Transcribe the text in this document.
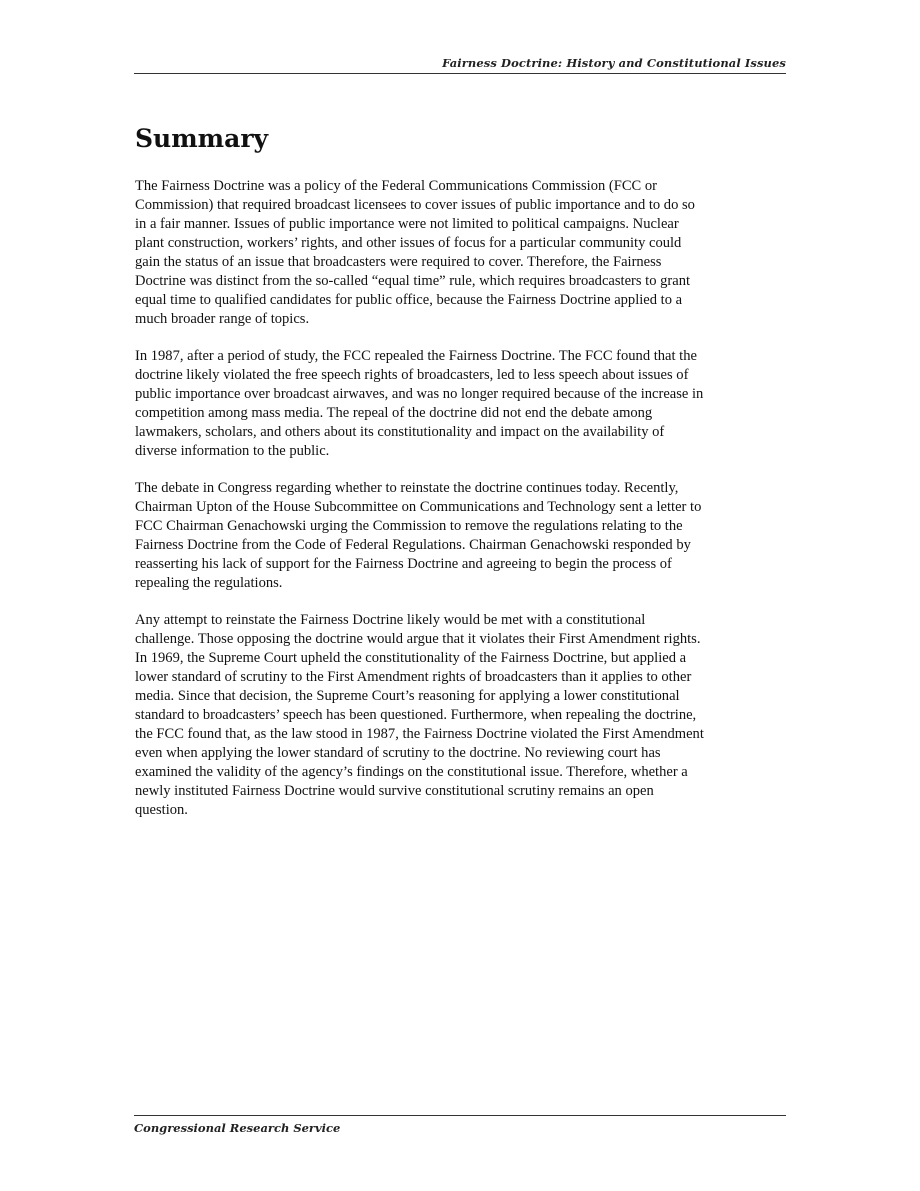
Fairness Doctrine: History and Constitutional Issues
Summary

The Fairness Doctrine was a policy of the Federal Communications Commission (FCC or
Commission) that required broadcast licensees to cover issues of public importance and to do so
in a fair manner. Issues of public importance were not limited to political campaigns. Nuclear
plant construction, workers’ rights, and other issues of focus for a particular community could
gain the status of an issue that broadcasters were required to cover. Therefore, the Fairness
Doctrine was distinct from the so-called “equal time” rule, which requires broadcasters to grant
equal time to qualified candidates for public office, because the Fairness Doctrine applied to a
much broader range of topics.

In 1987, after a period of study, the FCC repealed the Fairness Doctrine. The FCC found that the
doctrine likely violated the free speech rights of broadcasters, led to less speech about issues of
public importance over broadcast airwaves, and was no longer required because of the increase in
competition among mass media. The repeal of the doctrine did not end the debate among
lawmakers, scholars, and others about its constitutionality and impact on the availability of
diverse information to the public.

The debate in Congress regarding whether to reinstate the doctrine continues today. Recently,
Chairman Upton of the House Subcommittee on Communications and Technology sent a letter to
FCC Chairman Genachowski urging the Commission to remove the regulations relating to the
Fairness Doctrine from the Code of Federal Regulations. Chairman Genachowski responded by
reasserting his lack of support for the Fairness Doctrine and agreeing to begin the process of
repealing the regulations.

Any attempt to reinstate the Fairness Doctrine likely would be met with a constitutional
challenge. Those opposing the doctrine would argue that it violates their First Amendment rights.
In 1969, the Supreme Court upheld the constitutionality of the Fairness Doctrine, but applied a
lower standard of scrutiny to the First Amendment rights of broadcasters than it applies to other
media. Since that decision, the Supreme Court’s reasoning for applying a lower constitutional
standard to broadcasters’ speech has been questioned. Furthermore, when repealing the doctrine,
the FCC found that, as the law stood in 1987, the Fairness Doctrine violated the First Amendment
even when applying the lower standard of scrutiny to the doctrine. No reviewing court has
examined the validity of the agency’s findings on the constitutional issue. Therefore, whether a
newly instituted Fairness Doctrine would survive constitutional scrutiny remains an open
question.

Congressional Research Service
